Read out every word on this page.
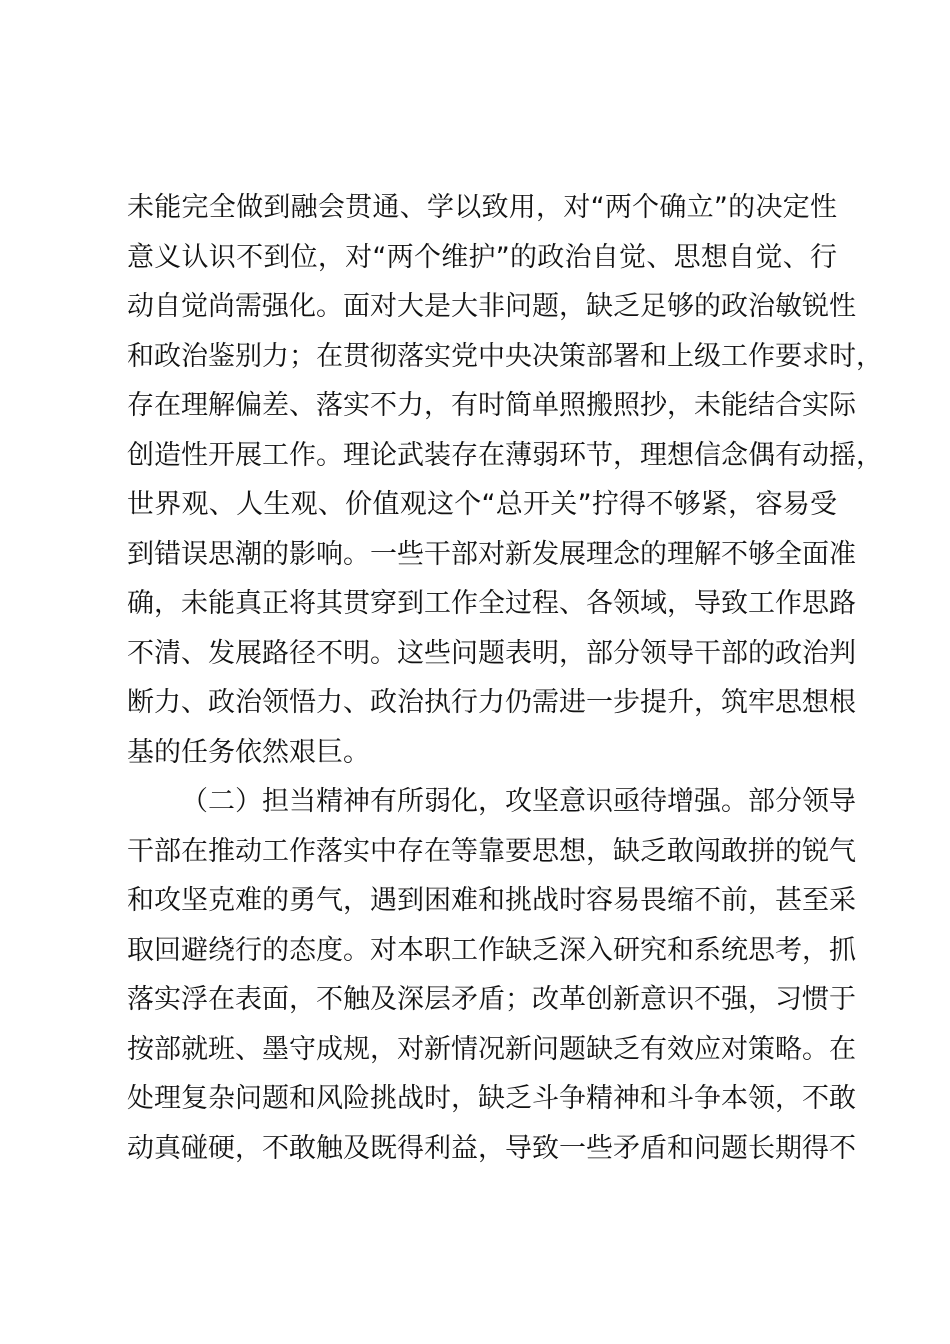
未能完全做到融会贯通、学以致用，对“两个确立”的决定性
意义认识不到位，对“两个维护”的政治自觉、思想自觉、行
动自觉尚需强化。面对大是大非问题，缺乏足够的政治敏锐性
和政治鉴别力；在贯彻落实党中央决策部署和上级工作要求时，
存在理解偏差、落实不力，有时简单照搬照抄，未能结合实际
创造性开展工作。理论武装存在薄弱环节，理想信念偶有动摇，
世界观、人生观、价值观这个“总开关”拧得不够紧，容易受
到错误思潮的影响。一些干部对新发展理念的理解不够全面准
确，未能真正将其贯穿到工作全过程、各领域，导致工作思路
不清、发展路径不明。这些问题表明，部分领导干部的政治判
断力、政治领悟力、政治执行力仍需进一步提升，筑牢思想根
基的任务依然艰巨。
（二）担当精神有所弱化，攻坚意识亟待增强。部分领导
干部在推动工作落实中存在等靠要思想，缺乏敢闯敢拼的锐气
和攻坚克难的勇气，遇到困难和挑战时容易畏缩不前，甚至采
取回避绕行的态度。对本职工作缺乏深入研究和系统思考，抓
落实浮在表面，不触及深层矛盾；改革创新意识不强，习惯于
按部就班、墨守成规，对新情况新问题缺乏有效应对策略。在
处理复杂问题和风险挑战时，缺乏斗争精神和斗争本领，不敢
动真碰硬，不敢触及既得利益，导致一些矛盾和问题长期得不
